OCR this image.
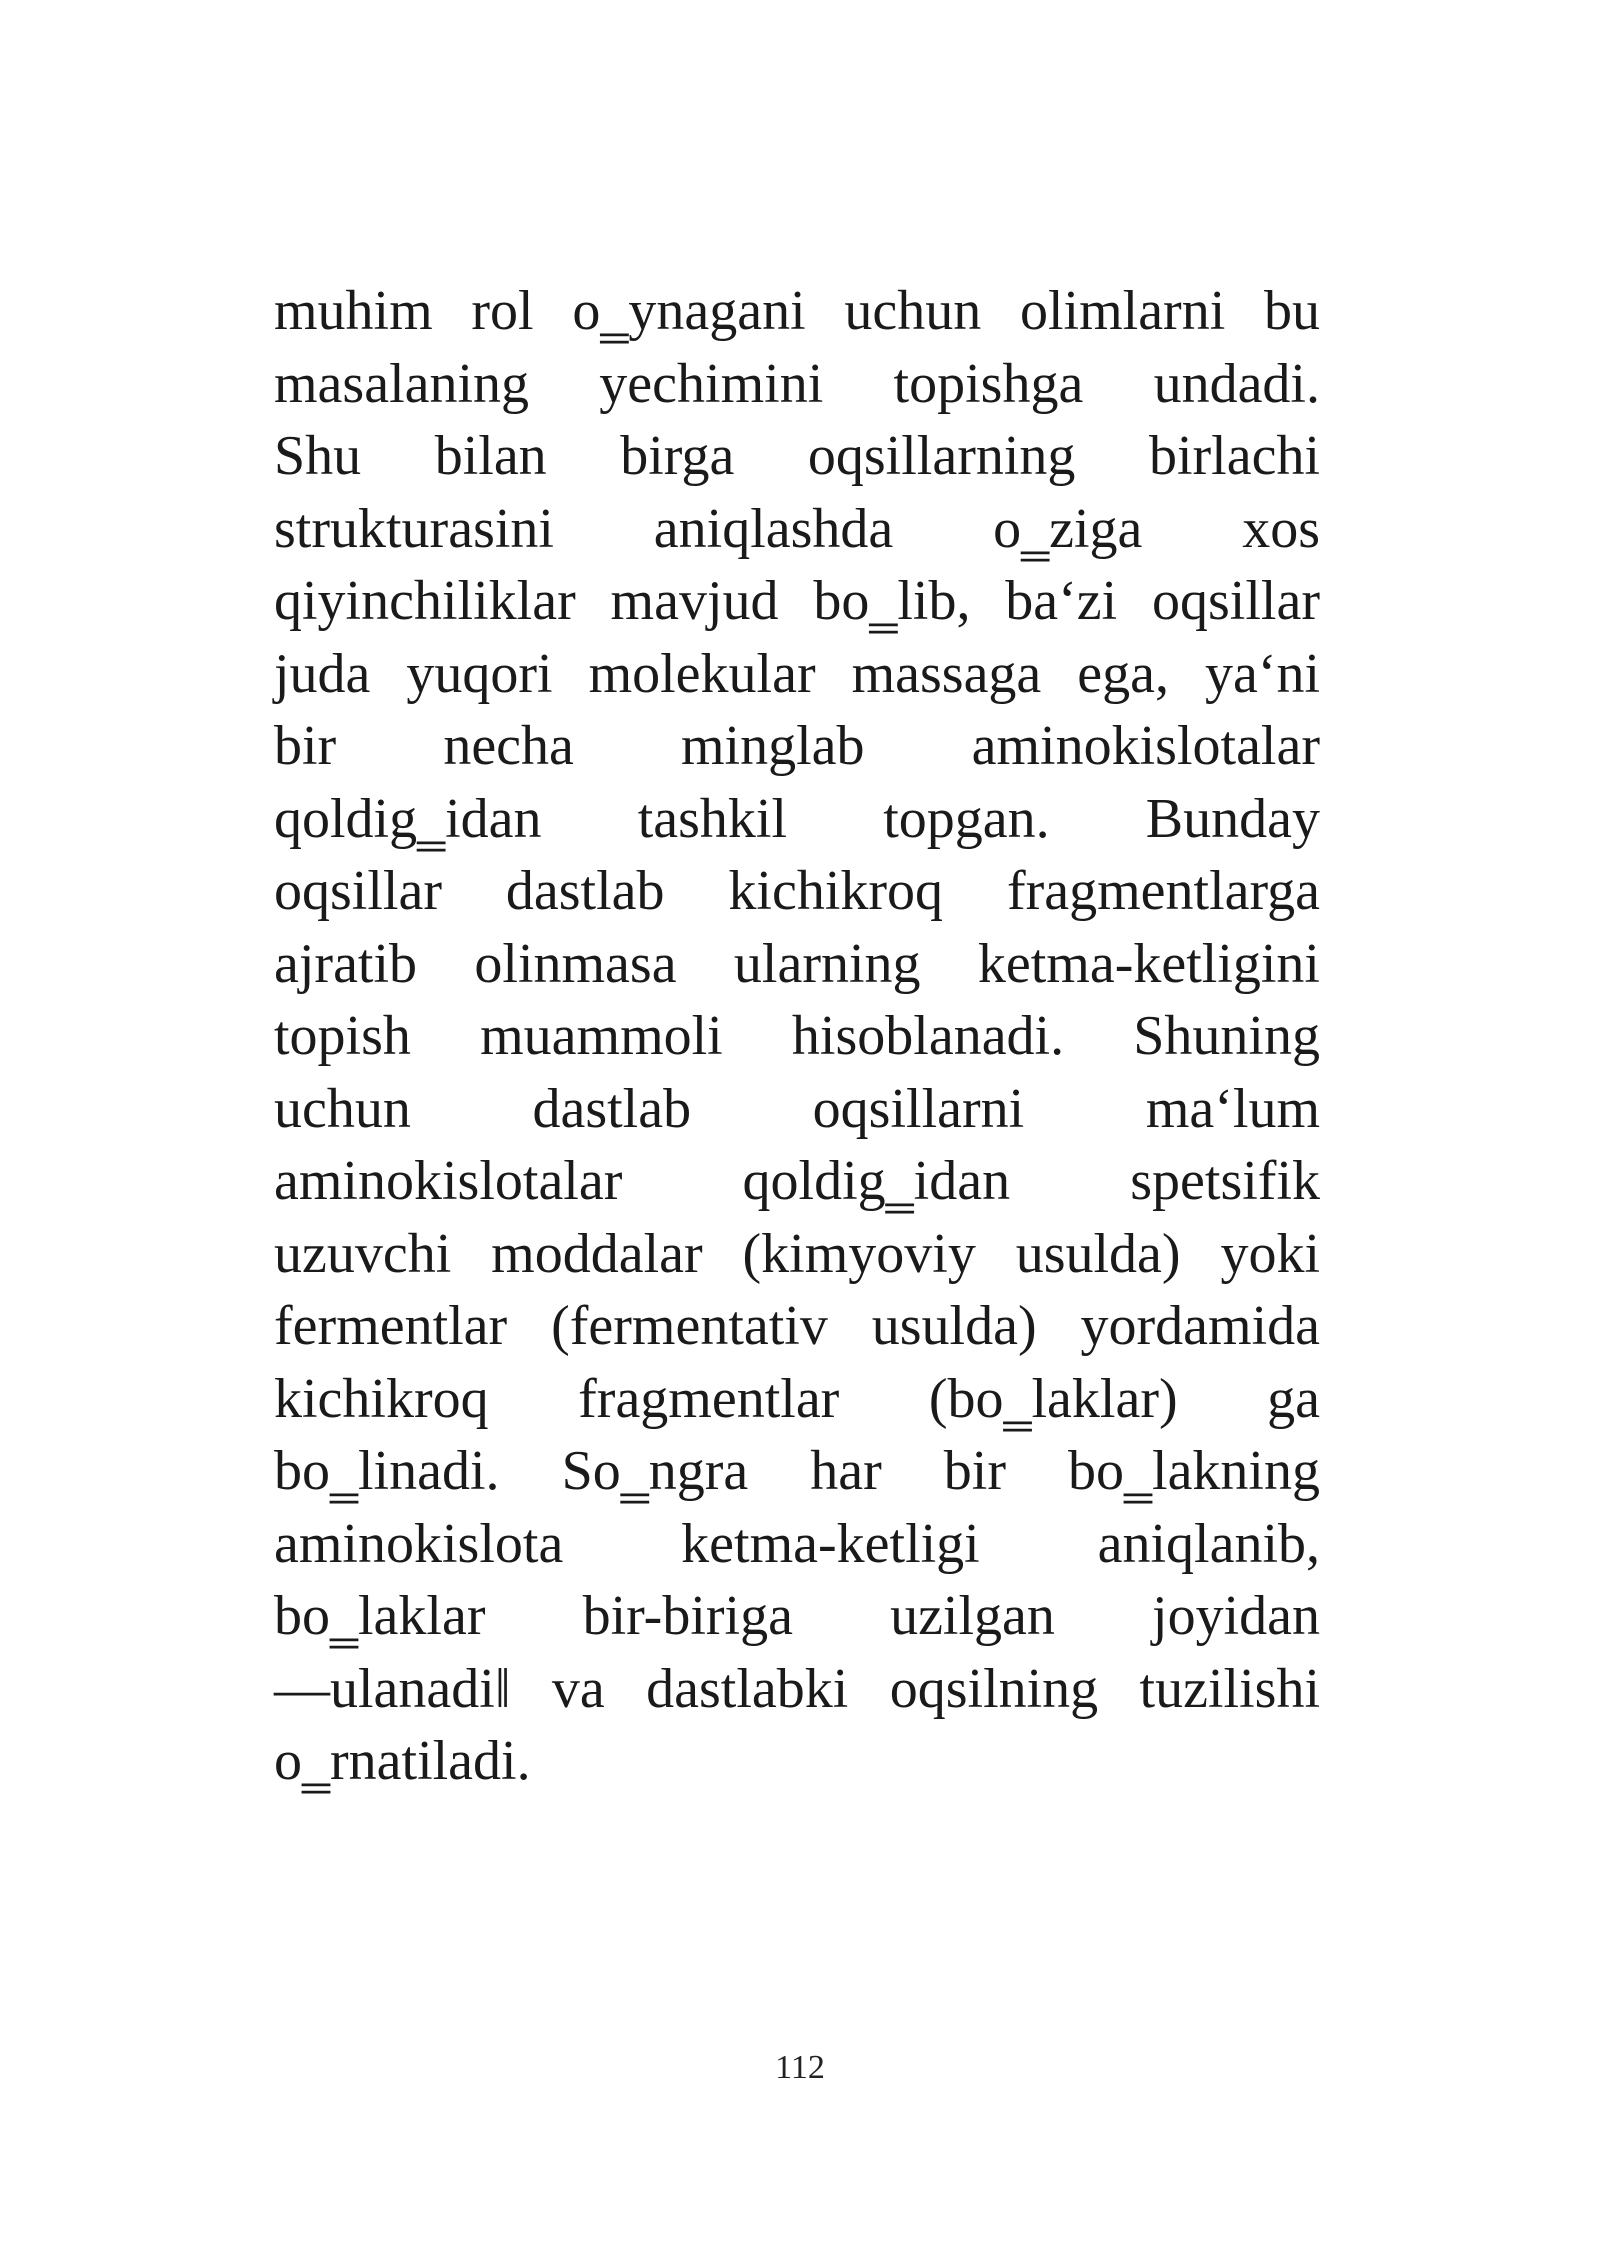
muhim rol o‗ynagani uchun olimlarni bu
masalaning yechimini topishga undadi.
Shu bilan birga oqsillarning birlachi
strukturasini aniqlashda o‗ziga xos
qiyinchiliklar mavjud bo‗lib, ba‘zi oqsillar
juda yuqori molekular massaga ega, ya‘ni
bir necha minglab aminokislotalar
qoldig‗idan tashkil topgan. Bunday
oqsillar dastlab kichikroq fragmentlarga
ajratib olinmasa ularning ketma-ketligini
topish muammoli hisoblanadi. Shuning
uchun dastlab oqsillarni ma‘lum
aminokislotalar qoldig‗idan spetsifik
uzuvchi moddalar (kimyoviy usulda) yoki
fermentlar (fermentativ usulda) yordamida
kichikroq fragmentlar (bo‗laklar) ga
bo‗linadi. So‗ngra har bir bo‗lakning
aminokislota ketma-ketligi aniqlanib,
bo‗laklar bir-biriga uzilgan joyidan
—ulanadi‖ va dastlabki oqsilning tuzilishi
o‗rnatiladi.
112
